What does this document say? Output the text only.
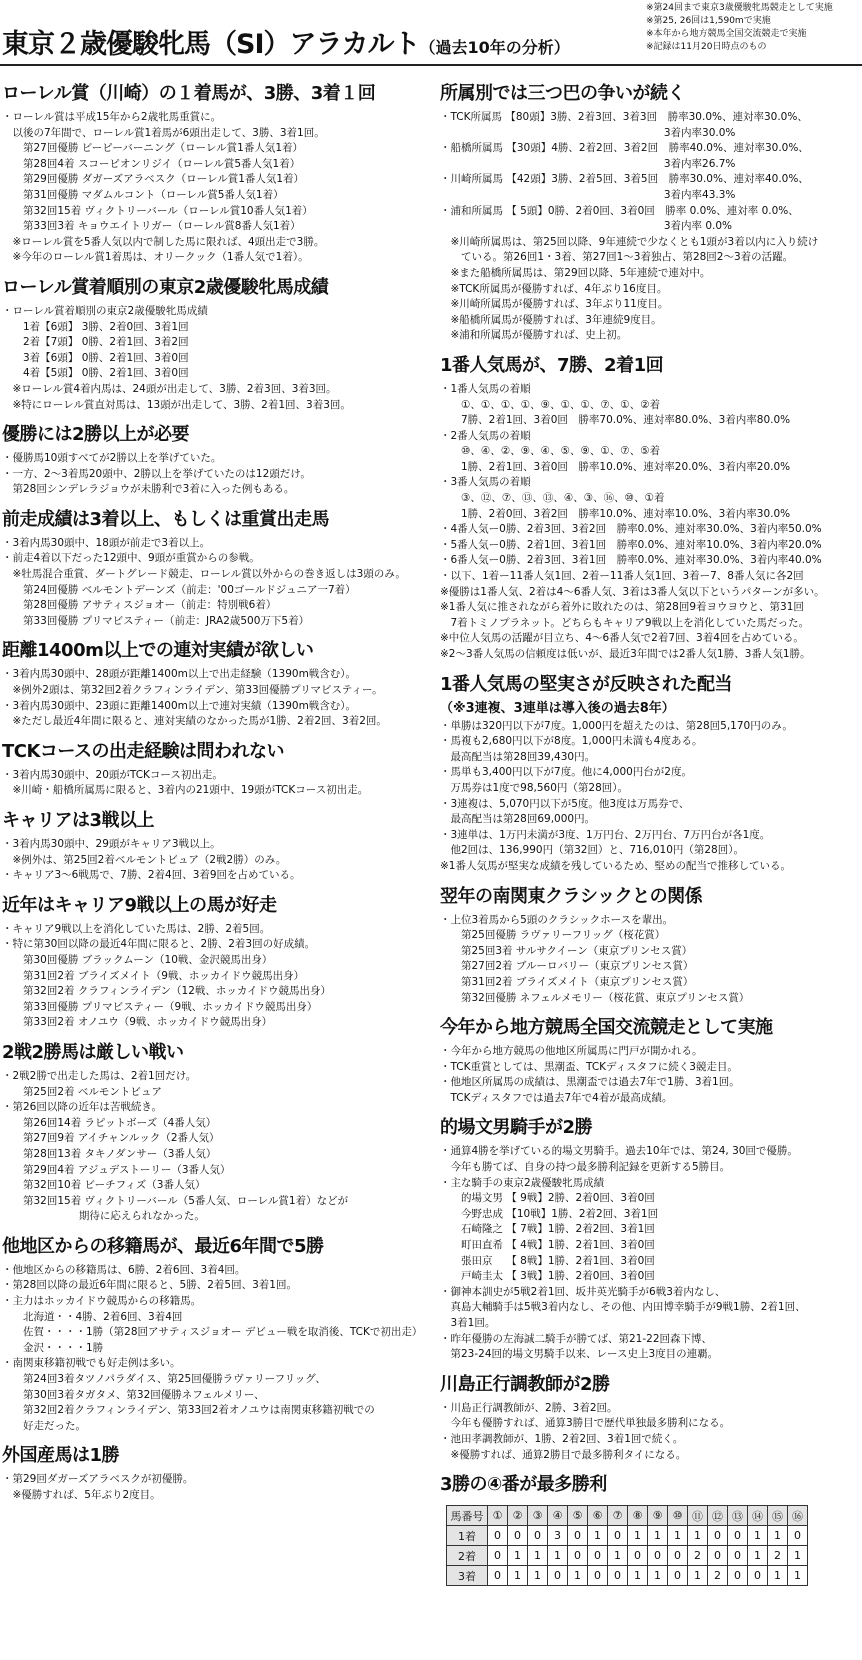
東京２歳優駿牝馬（SI）アラカルト（過去10年の分析）
※第24回まで東京3歳優駿牝馬競走として実施
※第25, 26回は1,590mで実施
※本年から地方競馬全国交流競走で実施
※記録は11月20日時点のもの
ローレル賞（川崎）の１着馬が、3勝、3着１回
・ローレル賞は平成15年から2歳牝馬重賞に。
　以後の7年間で、ローレル賞1着馬が6頭出走して、3勝、3着1回。
　　第27回優勝 ビーピーバーニング（ローレル賞1番人気1着）
　　第28回4着 スコーピオンリジイ（ローレル賞5番人気1着）
　　第29回優勝 ダガーズアラベスク（ローレル賞1番人気1着）
　　第31回優勝 マダムルコント（ローレル賞5番人気1着）
　　第32回15着 ヴィクトリーバール（ローレル賞10番人気1着）
　　第33回3着 キョウエイトリガー（ローレル賞8番人気1着）
　※ローレル賞を5番人気以内で制した馬に限れば、4頭出走で3勝。
　※今年のローレル賞1着馬は、オリークック（1番人気で1着）。
ローレル賞着順別の東京2歳優駿牝馬成績
・ローレル賞着順別の東京2歳優駿牝馬成績
　　1着【6頭】 3勝、2着0回、3着1回
　　2着【7頭】 0勝、2着1回、3着2回
　　3着【6頭】 0勝、2着1回、3着0回
　　4着【5頭】 0勝、2着1回、3着0回
　※ローレル賞4着内馬は、24頭が出走して、3勝、2着3回、3着3回。
　※特にローレル賞直対馬は、13頭が出走して、3勝、2着1回、3着3回。
優勝には2勝以上が必要
・優勝馬10頭すべてが2勝以上を挙げていた。
・一方、2〜3着馬20頭中、2勝以上を挙げていたのは12頭だけ。
　第28回シンデレラジョウが未勝利で3着に入った例もある。
前走成績は3着以上、もしくは重賞出走馬
・3着内馬30頭中、18頭が前走で3着以上。
・前走4着以下だった12頭中、9頭が重賞からの参戦。
　※牡馬混合重賞、ダートグレード競走、ローレル賞以外からの巻き返しは3頭のみ。
　　第24回優勝 ベルモントデーンズ（前走：'00ゴールドジュニア一7着）
　　第28回優勝 アサティスジョオー（前走：特別戦6着）
　　第33回優勝 プリマビスティー（前走：JRA2歳500万下5着）
距離1400m以上での連対実績が欲しい
・3着内馬30頭中、28頭が距離1400m以上で出走経験（1390m戦含む）。
　※例外2頭は、第32回2着クラフィンライデン、第33回優勝プリマビスティー。
・3着内馬30頭中、23頭に距離1400m以上で連対実績（1390m戦含む）。
　※ただし最近4年間に限ると、連対実績のなかった馬が1勝、2着2回、3着2回。
TCKコースの出走経験は問われない
・3着内馬30頭中、20頭がTCKコース初出走。
　※川崎・船橋所属馬に限ると、3着内の21頭中、19頭がTCKコース初出走。
キャリアは3戦以上
・3着内馬30頭中、29頭がキャリア3戦以上。
　※例外は、第25回2着ベルモントビュア（2戦2勝）のみ。
・キャリア3〜6戦馬で、7勝、2着4回、3着9回を占めている。
近年はキャリア9戦以上の馬が好走
・キャリア9戦以上を消化していた馬は、2勝、2着5回。
・特に第30回以降の最近4年間に限ると、2勝、2着3回の好成績。
　　第30回優勝 ブラックムーン（10戦、金沢競馬出身）
　　第31回2着 ブライズメイト（9戦、ホッカイドウ競馬出身）
　　第32回2着 クラフィンライデン（12戦、ホッカイドウ競馬出身）
　　第33回優勝 プリマビスティー（9戦、ホッカイドウ競馬出身）
　　第33回2着 オノユウ（9戦、ホッカイドウ競馬出身）
2戦2勝馬は厳しい戦い
・2戦2勝で出走した馬は、2着1回だけ。
　　第25回2着 ベルモントビュア
・第26回以降の近年は苦戦続き。
　　第26回14着 ラピットボーズ（4番人気）
　　第27回9着 アイチャンルック（2番人気）
　　第28回13着 タキノダンサー（3番人気）
　　第29回4着 アジュデストーリー（3番人気）
　　第32回10着 ビーチフィズ（3番人気）
　　第32回15着 ヴィクトリーバール（5番人気、ローレル賞1着）などが
　　　　　　　 期待に応えられなかった。
他地区からの移籍馬が、最近6年間で5勝
・他地区からの移籍馬は、6勝、2着6回、3着4回。
・第28回以降の最近6年間に限ると、5勝、2着5回、3着1回。
・主力はホッカイドウ競馬からの移籍馬。
　　北海道・・4勝、2着6回、3着4回
　　佐賀・・・・1勝（第28回アサティスジョオー デビュー戦を取消後、TCKで初出走）
　　金沢・・・・1勝
・南関東移籍初戦でも好走例は多い。
　　第24回3着タツノパラダイス、第25回優勝ラヴァリーフリッグ、
　　第30回3着タガタメ、第32回優勝ネフェルメリー、
　　第32回2着クラフィンライデン、第33回2着オノユウは南関東移籍初戦での
　　好走だった。
外国産馬は1勝
・第29回ダガーズアラベスクが初優勝。
　※優勝すれば、5年ぶり2度目。
所属別では三つ巴の争いが続く
・TCK所属馬 【80頭】3勝、2着3回、3着3回　勝率30.0%、連対率30.0%、
　　　　　　　　　　　　　　　　　　　　　 3着内率30.0%
・船橋所属馬 【30頭】4勝、2着2回、3着2回　勝率40.0%、連対率30.0%、
　　　　　　　　　　　　　　　　　　　　　 3着内率26.7%
・川崎所属馬 【42頭】3勝、2着5回、3着5回　勝率30.0%、連対率40.0%、
　　　　　　　　　　　　　　　　　　　　　 3着内率43.3%
・浦和所属馬 【 5頭】0勝、2着0回、3着0回　勝率 0.0%、連対率 0.0%、
　　　　　　　　　　　　　　　　　　　　　 3着内率 0.0%
　※川崎所属馬は、第25回以降、9年連続で少なくとも1頭が3着以内に入り続け
　　ている。第26回1・3着、第27回1〜3着独占、第28回2〜3着の活躍。
　※また船橋所属馬は、第29回以降、5年連続で連対中。
　※TCK所属馬が優勝すれば、4年ぶり16度目。
　※川崎所属馬が優勝すれば、3年ぶり11度目。
　※船橋所属馬が優勝すれば、3年連続9度目。
　※浦和所属馬が優勝すれば、史上初。
1番人気馬が、7勝、2着1回
・1番人気馬の着順
　　①、①、①、①、⑨、①、①、⑦、①、②着
　　7勝、2着1回、3着0回　勝率70.0%、連対率80.0%、3着内率80.0%
・2番人気馬の着順
　　⑩、④、②、⑨、④、⑤、⑨、①、⑦、⑤着
　　1勝、2着1回、3着0回　勝率10.0%、連対率20.0%、3着内率20.0%
・3番人気馬の着順
　　③、⑫、⑦、⑬、⑬、④、③、⑯、⑩、①着
　　1勝、2着0回、3着2回　勝率10.0%、連対率10.0%、3着内率30.0%
・4番人気ー0勝、2着3回、3着2回　勝率0.0%、連対率30.0%、3着内率50.0%
・5番人気ー0勝、2着1回、3着1回　勝率0.0%、連対率10.0%、3着内率20.0%
・6番人気ー0勝、2着3回、3着1回　勝率0.0%、連対率30.0%、3着内率40.0%
・以下、1着ー11番人気1回、2着ー11番人気1回、3着ー7、8番人気に各2回
※優勝は1番人気、2着は4〜6番人気、3着は3番人気以下というパターンが多い。
※1番人気に推されながら着外に敗れたのは、第28回9着ヨウヨウと、第31回
　7着トミノプラネット。どちらもキャリア9戦以上を消化していた馬だった。
※中位人気馬の活躍が目立ち、4〜6番人気で2着7回、3着4回を占めている。
※2〜3番人気馬の信頼度は低いが、最近3年間では2番人気1勝、3番人気1勝。
1番人気馬の堅実さが反映された配当
（※3連複、3連単は導入後の過去8年）
・単勝は320円以下が7度。1,000円を超えたのは、第28回5,170円のみ。
・馬複も2,680円以下が8度。1,000円未満も4度ある。
　最高配当は第28回39,430円。
・馬単も3,400円以下が7度。他に4,000円台が2度。
　万馬券は1度で98,560円（第28回）。
・3連複は、5,070円以下が5度。他3度は万馬券で、
　最高配当は第28回69,000円。
・3連単は、1万円未満が3度、1万円台、2万円台、7万円台が各1度。
　他2回は、136,990円（第32回）と、716,010円（第28回）。
※1番人気馬が堅実な成績を残しているため、堅めの配当で推移している。
翌年の南関東クラシックとの関係
・上位3着馬から5頭のクラシックホースを輩出。
　　第25回優勝 ラヴァリーフリッグ（桜花賞）
　　第25回3着 サルサクイーン（東京プリンセス賞）
　　第27回2着 ブルーロバリー（東京プリンセス賞）
　　第31回2着 ブライズメイト（東京プリンセス賞）
　　第32回優勝 ネフェルメモリー（桜花賞、東京プリンセス賞）
今年から地方競馬全国交流競走として実施
・今年から地方競馬の他地区所属馬に門戸が開かれる。
・TCK重賞としては、黒潮盃、TCKディスタフに続く3競走目。
・他地区所属馬の成績は、黒潮盃では過去7年で1勝、3着1回。
　TCKディスタフでは過去7年で4着が最高成績。
的場文男騎手が2勝
・通算4勝を挙げている的場文男騎手。過去10年では、第24, 30回で優勝。
　今年も勝てば、自身の持つ最多勝利記録を更新する5勝目。
・主な騎手の東京2歳優駿牝馬成績
　　的場文男 【 9戦】2勝、2着0回、3着0回
　　今野忠成 【10戦】1勝、2着2回、3着1回
　　石崎隆之 【 7戦】1勝、2着2回、3着1回
　　町田直希 【 4戦】1勝、2着1回、3着0回
　　張田京　 【 8戦】1勝、2着1回、3着0回
　　戸崎圭太 【 3戦】1勝、2着0回、3着0回
・御神本訓史が5戦2着1回、坂井英光騎手が6戦3着内なし、
　真島大輔騎手は5戦3着内なし、その他、内田博幸騎手が9戦1勝、2着1回、
　3着1回。
・昨年優勝の左海誠二騎手が勝てば、第21-22回森下博、
　第23-24回的場文男騎手以来、レース史上3度目の連覇。
川島正行調教師が2勝
・川島正行調教師が、2勝、3着2回。
　今年も優勝すれば、通算3勝目で歴代単独最多勝利になる。
・池田孝調教師が、1勝、2着2回、3着1回で続く。
　※優勝すれば、通算2勝目で最多勝利タイになる。
3勝の④番が最多勝利
馬番号	①	②	③	④	⑤	⑥	⑦	⑧	⑨	⑩	⑪	⑫	⑬	⑭	⑮	⑯
1着	0	0	0	3	0	1	0	1	1	1	1	0	0	1	1	0
2着	0	1	1	1	0	0	1	0	0	0	2	0	0	1	2	1
3着	0	1	1	0	1	0	0	1	1	0	1	2	0	0	1	1
